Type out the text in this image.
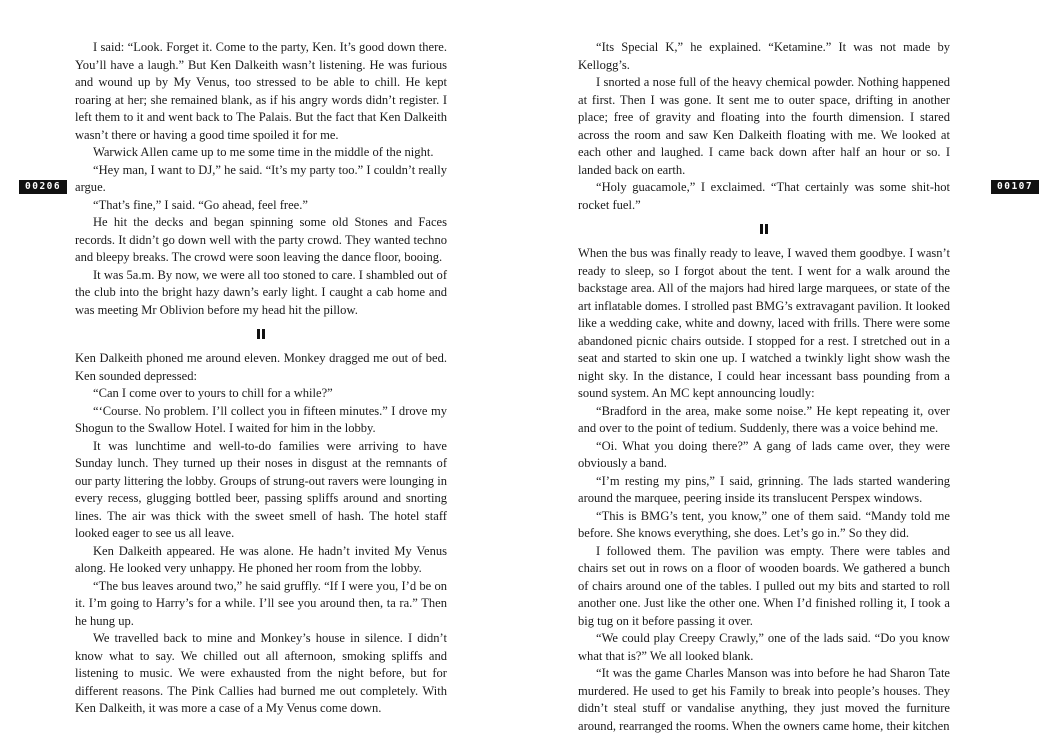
00206	00107

I said: “Look. Forget it. Come to the party, Ken. It’s good down there. You’ll have a laugh.” But Ken Dalkeith wasn’t listening. He was furious and wound up by My Venus, too stressed to be able to chill. He kept roaring at her; she remained blank, as if his angry words didn’t register. I left them to it and went back to The Palais. But the fact that Ken Dalkeith wasn’t there or having a good time spoiled it for me.

Warwick Allen came up to me some time in the middle of the night.

“Hey man, I want to DJ,” he said. “It’s my party too.” I couldn’t really argue.

“That’s fine,” I said. “Go ahead, feel free.”

He hit the decks and began spinning some old Stones and Faces records. It didn’t go down well with the party crowd. They wanted techno and bleepy breaks. The crowd were soon leaving the dance floor, booing.

It was 5a.m. By now, we were all too stoned to care. I shambled out of the club into the bright hazy dawn’s early light. I caught a cab home and was meeting Mr Oblivion before my head hit the pillow.

Ken Dalkeith phoned me around eleven. Monkey dragged me out of bed. Ken sounded depressed:

“Can I come over to yours to chill for a while?”

“‘Course. No problem. I’ll collect you in fifteen minutes.” I drove my Shogun to the Swallow Hotel. I waited for him in the lobby.

It was lunchtime and well-to-do families were arriving to have Sunday lunch. They turned up their noses in disgust at the remnants of our party littering the lobby. Groups of strung-out ravers were lounging in every recess, glugging bottled beer, passing spliffs around and snorting lines. The air was thick with the sweet smell of hash. The hotel staff looked eager to see us all leave.

Ken Dalkeith appeared. He was alone. He hadn’t invited My Venus along. He looked very unhappy. He phoned her room from the lobby.

“The bus leaves around two,” he said gruffly. “If I were you, I’d be on it. I’m going to Harry’s for a while. I’ll see you around then, ta ra.” Then he hung up.

We travelled back to mine and Monkey’s house in silence. I didn’t know what to say. We chilled out all afternoon, smoking spliffs and listening to music. We were exhausted from the night before, but for different reasons. The Pink Callies had burned me out completely. With Ken Dalkeith, it was more a case of a My Venus come down.

“Its Special K,” he explained. “Ketamine.” It was not made by Kellogg’s.

I snorted a nose full of the heavy chemical powder. Nothing happened at first. Then I was gone. It sent me to outer space, drifting in another place; free of gravity and floating into the fourth dimension. I stared across the room and saw Ken Dalkeith floating with me. We looked at each other and laughed. I came back down after half an hour or so. I landed back on earth.

“Holy guacamole,” I exclaimed. “That certainly was some shit-hot rocket fuel.”

When the bus was finally ready to leave, I waved them goodbye. I wasn’t ready to sleep, so I forgot about the tent. I went for a walk around the backstage area. All of the majors had hired large marquees, or state of the art inflatable domes. I strolled past BMG’s extravagant pavilion. It looked like a wedding cake, white and downy, laced with frills. There were some abandoned picnic chairs outside. I stopped for a rest. I stretched out in a seat and started to skin one up. I watched a twinkly light show wash the night sky. In the distance, I could hear incessant bass pounding from a sound system. An MC kept announcing loudly:

“Bradford in the area, make some noise.” He kept repeating it, over and over to the point of tedium. Suddenly, there was a voice behind me.

“Oi. What you doing there?” A gang of lads came over, they were obviously a band.

“I’m resting my pins,” I said, grinning. The lads started wandering around the marquee, peering inside its translucent Perspex windows.

“This is BMG’s tent, you know,” one of them said. “Mandy told me before. She knows everything, she does. Let’s go in.” So they did.

I followed them. The pavilion was empty. There were tables and chairs set out in rows on a floor of wooden boards. We gathered a bunch of chairs around one of the tables. I pulled out my bits and started to roll another one. Just like the other one. When I’d finished rolling it, I took a big tug on it before passing it over.

“We could play Creepy Crawly,” one of the lads said. “Do you know what that is?” We all looked blank.

“It was the game Charles Manson was into before he had Sharon Tate murdered. He used to get his Family to break into people’s houses. They didn’t steal stuff or vandalise anything, they just moved the furniture around, rearranged the rooms. When the owners came home, their kitchen
